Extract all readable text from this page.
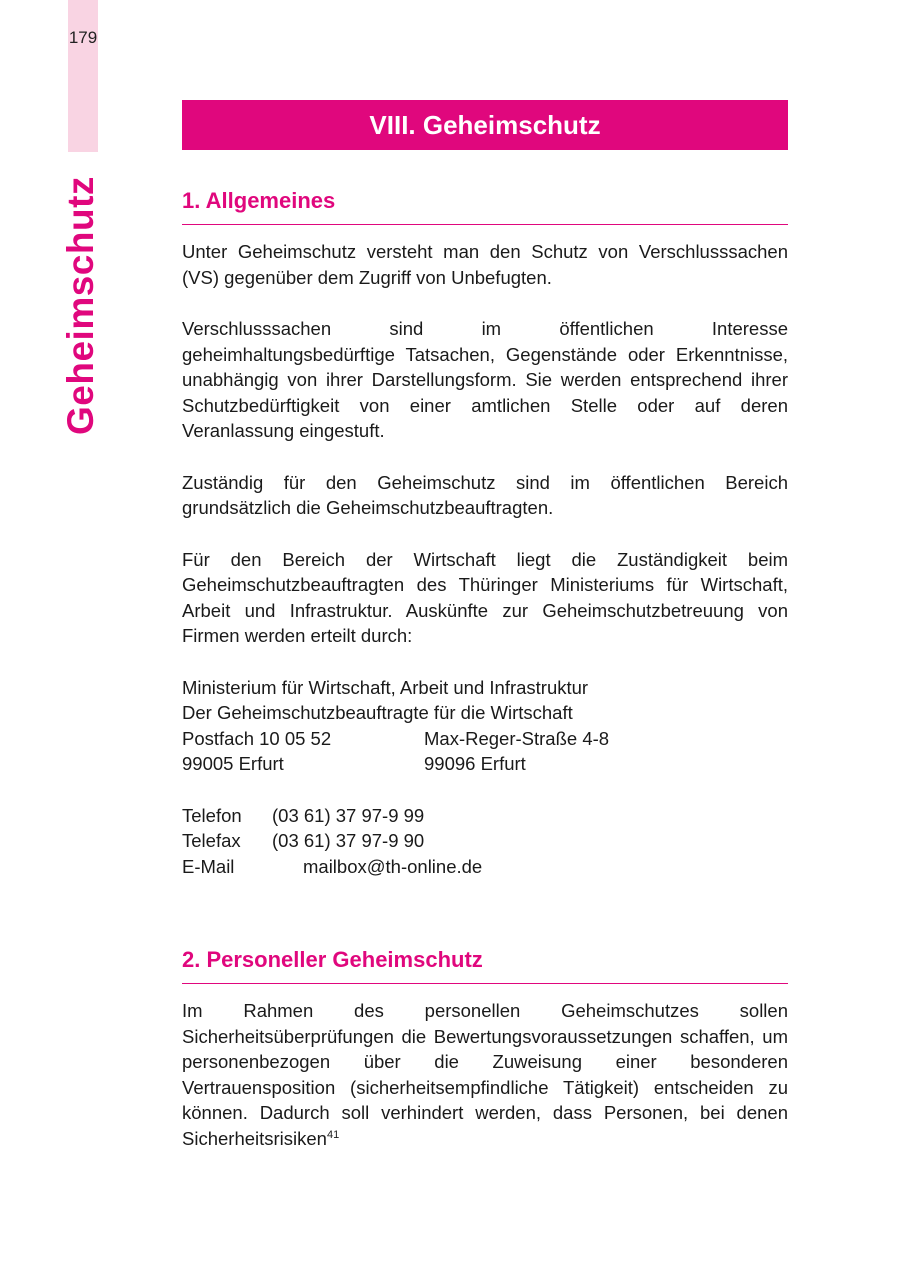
179
Geheimschutz
VIII. Geheimschutz
1. Allgemeines

Unter Geheimschutz versteht man den Schutz von Verschlusssachen (VS) gegenüber dem Zugriff von Unbefugten.

Verschlusssachen sind im öffentlichen Interesse geheimhaltungsbedürftige Tatsachen, Gegenstände oder Erkenntnisse, unabhängig von ihrer Darstellungsform. Sie werden entsprechend ihrer Schutzbedürftigkeit von einer amtlichen Stelle oder auf deren Veranlassung eingestuft.

Zuständig für den Geheimschutz sind im öffentlichen Bereich grundsätzlich die Geheimschutzbeauftragten.

Für den Bereich der Wirtschaft liegt die Zuständigkeit beim Geheimschutzbeauftragten des Thüringer Ministeriums für Wirtschaft, Arbeit und Infrastruktur. Auskünfte zur Geheimschutzbetreuung von Firmen werden erteilt durch:

Ministerium für Wirtschaft, Arbeit und Infrastruktur
Der Geheimschutzbeauftragte für die Wirtschaft
Postfach 10 05 52	Max-Reger-Straße 4-8
99005 Erfurt	99096 Erfurt
Telefon	(03 61) 37 97-9 99
Telefax	(03 61) 37 97-9 90
E-Mail	mailbox@th-online.de
2. Personeller Geheimschutz

Im Rahmen des personellen Geheimschutzes sollen Sicherheitsüberprüfungen die Bewertungsvoraussetzungen schaffen, um personenbezogen über die Zuweisung einer besonderen Vertrauensposition (sicherheitsempfindliche Tätigkeit) entscheiden zu können. Dadurch soll verhindert werden, dass Personen, bei denen Sicherheitsrisiken$^{41}$
